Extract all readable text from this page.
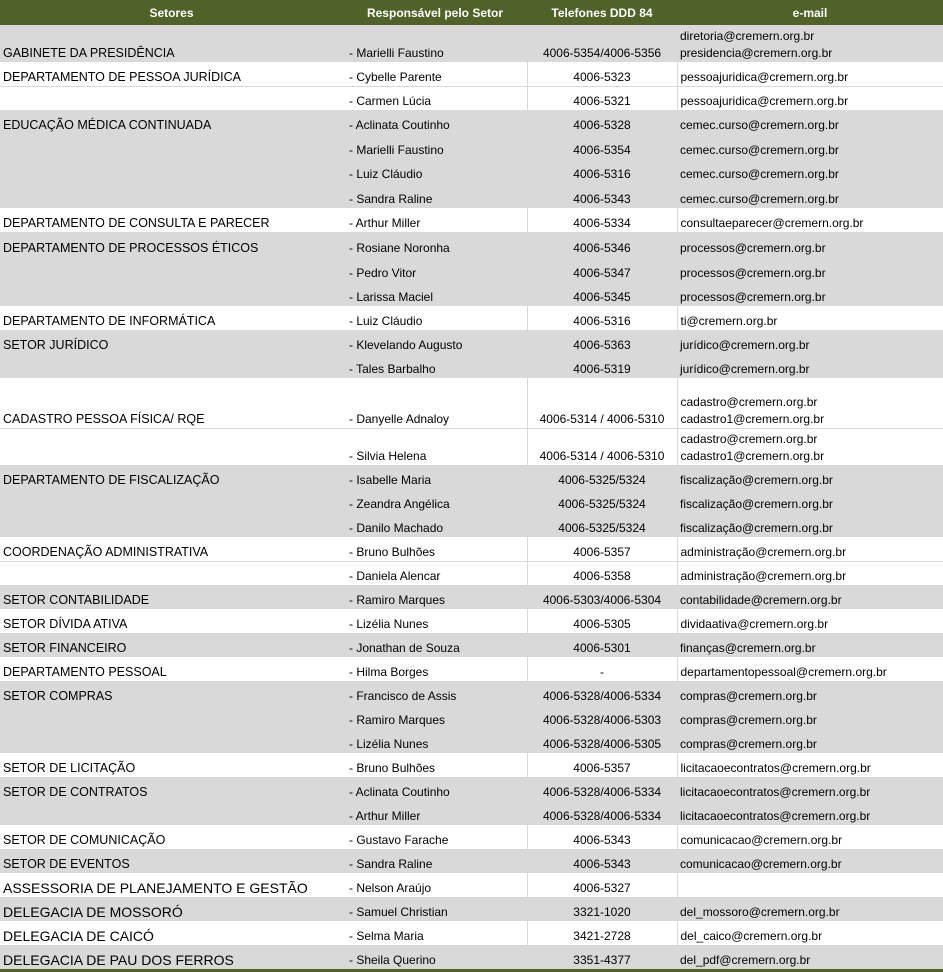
Setores	Responsável pelo Setor	Telefones DDD 84	e-mail
GABINETE DA PRESIDÊNCIA	- Marielli Faustino	4006-5354/4006-5356	diretoria@cremern.org.br
presidencia@cremern.org.br

DEPARTAMENTO DE PESSOA JURÍDICA	- Cybelle Parente	4006-5323	pessoajuridica@cremern.org.br

	- Carmen Lúcia	4006-5321	pessoajuridica@cremern.org.br

EDUCAÇÃO MÉDICA CONTINUADA	- Aclinata Coutinho	4006-5328	cemec.curso@cremern.org.br

	- Marielli Faustino	4006-5354	cemec.curso@cremern.org.br

	- Luiz Cláudio	4006-5316	cemec.curso@cremern.org.br

	- Sandra Raline	4006-5343	cemec.curso@cremern.org.br

DEPARTAMENTO DE CONSULTA E PARECER	- Arthur Miller	4006-5334	consultaeparecer@cremern.org.br

DEPARTAMENTO DE PROCESSOS ÉTICOS	- Rosiane Noronha	4006-5346	processos@cremern.org.br

	- Pedro Vitor	4006-5347	processos@cremern.org.br

	- Larissa Maciel	4006-5345	processos@cremern.org.br

DEPARTAMENTO DE INFORMÁTICA	- Luiz Cláudio	4006-5316	ti@cremern.org.br

SETOR JURÍDICO	- Klevelando Augusto	4006-5363	jurídico@cremern.org.br

	- Tales Barbalho	4006-5319	jurídico@cremern.org.br

CADASTRO PESSOA FÍSICA/ RQE	- Danyelle Adnaloy	4006-5314 / 4006-5310	cadastro@cremern.org.br
cadastro1@cremern.org.br

	- Silvia Helena	4006-5314 / 4006-5310	cadastro@cremern.org.br
cadastro1@cremern.org.br

DEPARTAMENTO DE FISCALIZAÇÃO	- Isabelle Maria	4006-5325/5324	fiscalização@cremern.org.br

	- Zeandra Angélica	4006-5325/5324	fiscalização@cremern.org.br

	- Danilo Machado	4006-5325/5324	fiscalização@cremern.org.br

COORDENAÇÃO ADMINISTRATIVA	- Bruno Bulhões	4006-5357	administração@cremern.org.br

	- Daniela Alencar	4006-5358	administração@cremern.org.br

SETOR CONTABILIDADE	- Ramiro Marques	4006-5303/4006-5304	contabilidade@cremern.org.br

SETOR DÍVIDA ATIVA	- Lizélia Nunes	4006-5305	dividaativa@cremern.org.br

SETOR FINANCEIRO	- Jonathan de Souza	4006-5301	finanças@cremern.org.br

DEPARTAMENTO PESSOAL	- Hilma Borges	-	departamentopessoal@cremern.org.br

SETOR COMPRAS	- Francisco de Assis	4006-5328/4006-5334	compras@cremern.org.br

	- Ramiro Marques	4006-5328/4006-5303	compras@cremern.org.br

	- Lizélia Nunes	4006-5328/4006-5305	compras@cremern.org.br

SETOR DE LICITAÇÃO	- Bruno Bulhões	4006-5357	licitacaoecontratos@cremern.org.br

SETOR DE CONTRATOS	- Aclinata Coutinho	4006-5328/4006-5334	licitacaoecontratos@cremern.org.br

	- Arthur Miller	4006-5328/4006-5334	licitacaoecontratos@cremern.org.br

SETOR DE COMUNICAÇÃO	- Gustavo Farache	4006-5343	comunicacao@cremern.org.br

SETOR DE EVENTOS	- Sandra Raline	4006-5343	comunicacao@cremern.org.br

ASSESSORIA DE PLANEJAMENTO E GESTÃO	- Nelson Araújo	4006-5327	
DELEGACIA DE MOSSORÓ	- Samuel Christian	3321-1020	del_mossoro@cremern.org.br

DELEGACIA DE CAICÓ	- Selma Maria	3421-2728	del_caico@cremern.org.br

DELEGACIA DE PAU DOS FERROS	- Sheila Querino	3351-4377	del_pdf@cremern.org.br
